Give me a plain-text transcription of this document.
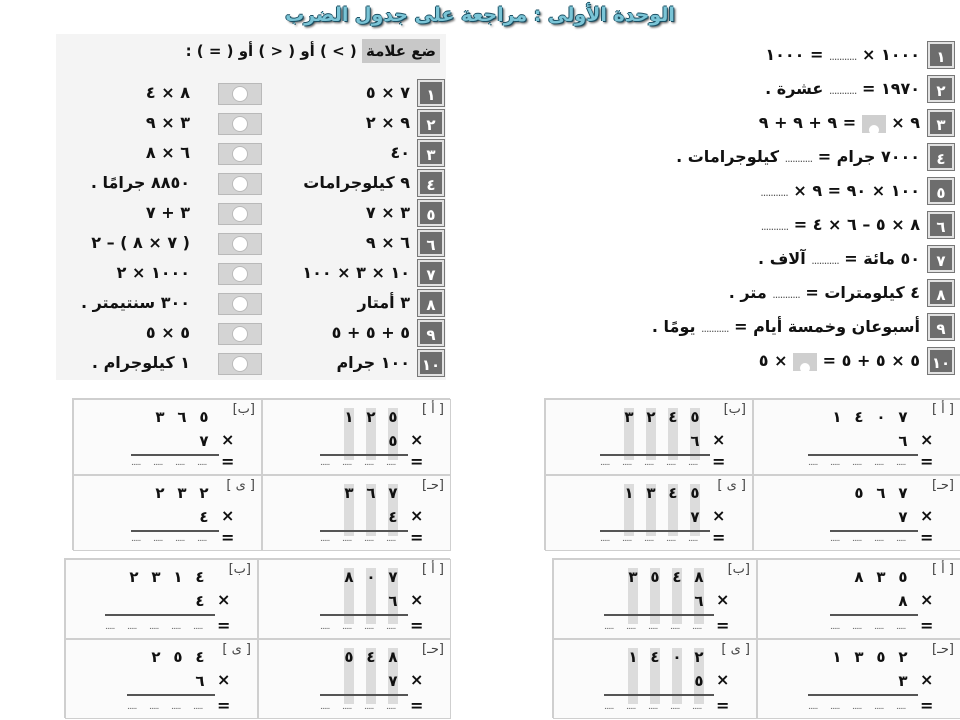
الوحدة الأولى : مراجعة على جدول الضرب
ضع علامة ( > ) أو ( < ) أو ( = ) :
١
٧ × ٥
٨ × ٤
٢
٩ × ٢
٣ × ٩
٣
٤٠
٦ × ٨
٤
٩ كيلوجرامات
٨٨٥٠ جرامًا .
٥
٣ × ٧
٣ + ٧
٦
٦ × ٩
( ٧ × ٨ ) – ٢
٧
١٠ × ٣ × ١٠٠
١٠٠٠ × ٢
٨
٣ أمتار
٣٠٠ سنتيمتر .
٩
٥ + ٥ + ٥
٥ × ٥
١٠
١٠٠ جرام
١ كيلوجرام .
١
١٠٠٠ × ........... = ١٠٠٠
٢
١٩٧٠ = ........... عشرة .
٣
٩ ×  = ٩ + ٩ + ٩
٤
٧٠٠٠ جرام = ........... كيلوجرامات .
٥
١٠٠ × ٩٠ = ٩ × ...........
٦
٨ × ٥ – ٦ × ٤ = ...........
٧
٥٠ مائة = ........... آلاف .
٨
٤ كيلومترات = ........... متر .
٩
أسبوعان وخمسة أيام = ........... يومًا .
١٠
٥ × ٥ + ٥ =  × ٥
[ أ ]
٥
٢
١
٥ ×
=
.....
.....
.....
.....
[ب]
٥
٦
٣
٧ ×
=
.....
.....
.....
.....
[حـ]
٧
٦
٣
٤ ×
=
.....
.....
.....
.....
[ ى ]
٢
٣
٢
٤ ×
=
.....
.....
.....
.....
[ أ ]
٧
٠
٤
١
٦ ×
=
.....
.....
.....
.....
.....
[ب]
٥
٤
٢
٣
٦ ×
=
.....
.....
.....
.....
.....
[حـ]
٧
٦
٥
٧ ×
=
.....
.....
.....
.....
[ ى ]
٥
٤
٣
١
٧ ×
=
.....
.....
.....
.....
.....
[ أ ]
٧
٠
٨
٦ ×
=
.....
.....
.....
.....
[ب]
٤
١
٣
٢
٤ ×
=
.....
.....
.....
.....
.....
[حـ]
٨
٤
٥
٧ ×
=
.....
.....
.....
.....
[ ى ]
٤
٥
٢
٦ ×
=
.....
.....
.....
.....
[ أ ]
٥
٣
٨
٨ ×
=
.....
.....
.....
.....
[ب]
٨
٤
٥
٣
٦ ×
=
.....
.....
.....
.....
.....
[حـ]
٢
٥
٣
١
٣ ×
=
.....
.....
.....
.....
.....
[ ى ]
٢
٠
٤
١
٥ ×
=
.....
.....
.....
.....
.....
